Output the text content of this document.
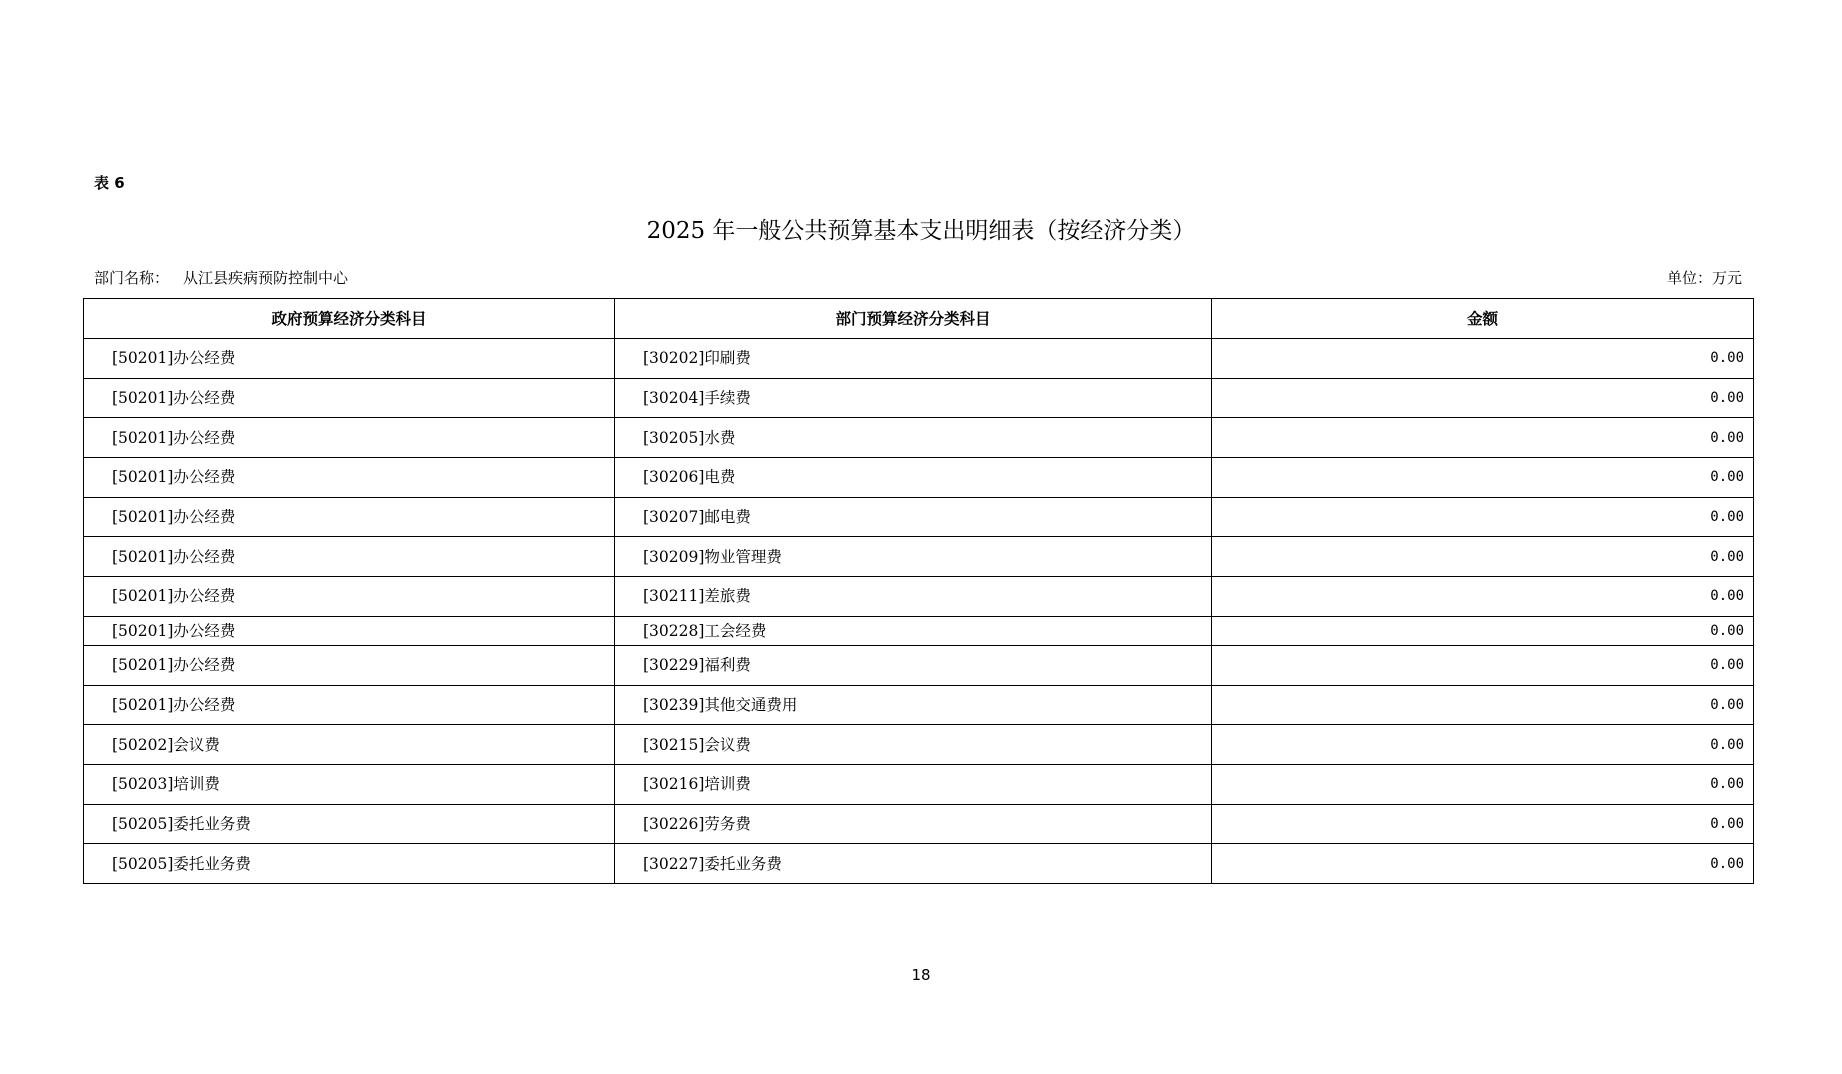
表 6
2025 年一般公共预算基本支出明细表（按经济分类）
部门名称： 从江县疾病预防控制中心	单位：万元
政府预算经济分类科目	部门预算经济分类科目	金额
[50201]办公经费	[30202]印刷费	0.00
[50201]办公经费	[30204]手续费	0.00
[50201]办公经费	[30205]水费	0.00
[50201]办公经费	[30206]电费	0.00
[50201]办公经费	[30207]邮电费	0.00
[50201]办公经费	[30209]物业管理费	0.00
[50201]办公经费	[30211]差旅费	0.00
[50201]办公经费	[30228]工会经费	0.00
[50201]办公经费	[30229]福利费	0.00
[50201]办公经费	[30239]其他交通费用	0.00
[50202]会议费	[30215]会议费	0.00
[50203]培训费	[30216]培训费	0.00
[50205]委托业务费	[30226]劳务费	0.00
[50205]委托业务费	[30227]委托业务费	0.00
18
